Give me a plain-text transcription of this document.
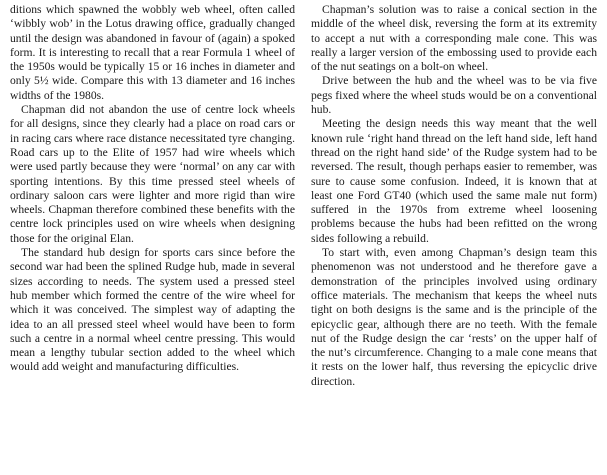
ditions which spawned the wobbly web wheel, often called ‘wibbly wob’ in the Lotus drawing office, gradually changed until the design was abandoned in favour of (again) a spoked form. It is interesting to recall that a rear Formula 1 wheel of the 1950s would be typically 15 or 16 inches in diameter and only 5½ wide. Compare this with 13 diameter and 16 inches widths of the 1980s.

Chapman did not abandon the use of centre lock wheels for all designs, since they clearly had a place on road cars or in racing cars where race distance necessitated tyre changing. Road cars up to the Elite of 1957 had wire wheels which were used partly because they were ‘normal’ on any car with sporting intentions. By this time pressed steel wheels of ordinary saloon cars were lighter and more rigid than wire wheels. Chapman therefore combined these benefits with the centre lock principles used on wire wheels when designing those for the original Elan.

The standard hub design for sports cars since before the second war had been the splined Rudge hub, made in several sizes according to needs. The system used a pressed steel hub member which formed the centre of the wire wheel for which it was conceived. The simplest way of adapting the idea to an all pressed steel wheel would have been to form such a centre in a normal wheel centre pressing. This would mean a lengthy tubular section added to the wheel which would add weight and manufacturing difficulties.

Chapman’s solution was to raise a conical section in the middle of the wheel disk, reversing the form at its extremity to accept a nut with a corresponding male cone. This was really a larger version of the embossing used to provide each of the nut seatings on a bolt-on wheel.

Drive between the hub and the wheel was to be via five pegs fixed where the wheel studs would be on a conventional hub.

Meeting the design needs this way meant that the well known rule ‘right hand thread on the left hand side, left hand thread on the right hand side’ of the Rudge system had to be reversed. The result, though perhaps easier to remember, was sure to cause some confusion. Indeed, it is known that at least one Ford GT40 (which used the same male nut form) suffered in the 1970s from extreme wheel loosening problems because the hubs had been refitted on the wrong sides following a rebuild.

To start with, even among Chapman’s design team this phenomenon was not understood and he therefore gave a demonstration of the principles involved using ordinary office materials. The mechanism that keeps the wheel nuts tight on both designs is the same and is the principle of the epicyclic gear, although there are no teeth. With the female nut of the Rudge design the car ‘rests’ on the upper half of the nut’s circumference. Changing to a male cone means that it rests on the lower half, thus reversing the epicyclic drive direction.
